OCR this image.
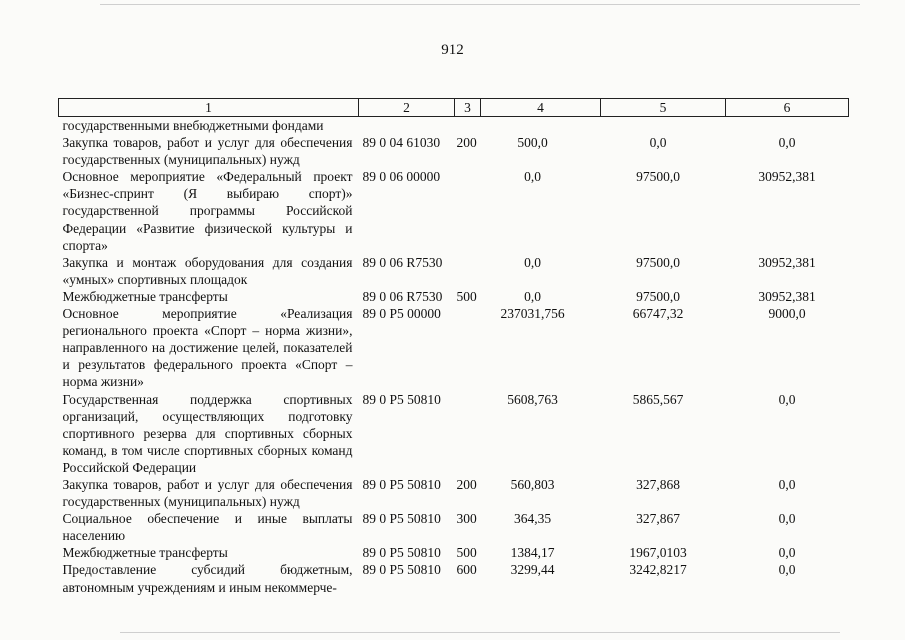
912
1	2	3	4	5	6
государственными внебюджетными фондами					
Закупка товаров, работ и услуг для обеспечения государственных (муниципальных) нужд	89 0 04 61030	200	500,0	0,0	0,0
Основное мероприятие «Федеральный проект «Бизнес-спринт (Я выбираю спорт)» государственной программы Российской Федерации «Развитие физической культуры и спорта»	89 0 06 00000		0,0	97500,0	30952,381
Закупка и монтаж оборудования для создания «умных» спортивных площадок	89 0 06 R7530		0,0	97500,0	30952,381
Межбюджетные трансферты	89 0 06 R7530	500	0,0	97500,0	30952,381
Основное мероприятие «Реализация регионального проекта «Спорт – норма жизни», направленного на достижение целей, показателей и результатов федерального проекта «Спорт – норма жизни»	89 0 P5 00000		237031,756	66747,32	9000,0
Государственная поддержка спортивных организаций, осуществляющих подготовку спортивного резерва для спортивных сборных команд, в том числе спортивных сборных команд Российской Федерации	89 0 P5 50810		5608,763	5865,567	0,0
Закупка товаров, работ и услуг для обеспечения государственных (муниципальных) нужд	89 0 P5 50810	200	560,803	327,868	0,0
Социальное обеспечение и иные выплаты населению	89 0 P5 50810	300	364,35	327,867	0,0
Межбюджетные трансферты	89 0 P5 50810	500	1384,17	1967,0103	0,0
Предоставление субсидий бюджетным, автономным учреждениям и иным некоммерче-	89 0 P5 50810	600	3299,44	3242,8217	0,0
